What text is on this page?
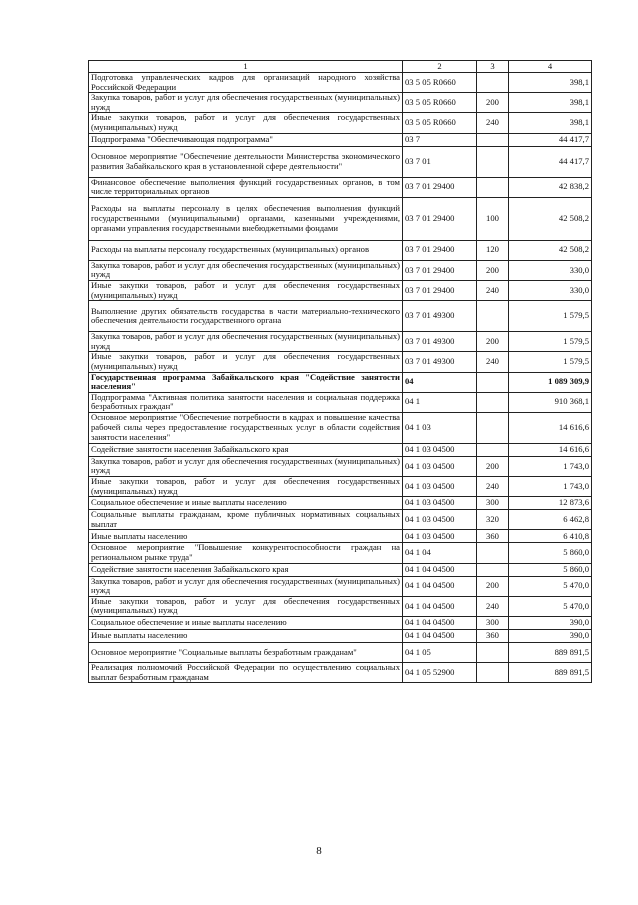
1	2	3	4
Подготовка управленческих кадров для организаций народного хозяйства Российской Федерации	03 5 05 R0660		398,1
Закупка товаров, работ и услуг для обеспечения государственных (муниципальных) нужд	03 5 05 R0660	200	398,1
Иные закупки товаров, работ и услуг для обеспечения государственных (муниципальных) нужд	03 5 05 R0660	240	398,1
Подпрограмма "Обеспечивающая подпрограмма"	03 7		44 417,7
Основное мероприятие "Обеспечение деятельности Министерства экономического развития Забайкальского края в установленной сфере деятельности"	03 7 01		44 417,7
Финансовое обеспечение выполнения функций государственных органов, в том числе территориальных органов	03 7 01 29400		42 838,2
Расходы на выплаты персоналу в целях обеспечения выполнения функций государственными (муниципальными) органами, казенными учреждениями, органами управления государственными внебюджетными фондами	03 7 01 29400	100	42 508,2
Расходы на выплаты персоналу государственных (муниципальных) органов	03 7 01 29400	120	42 508,2
Закупка товаров, работ и услуг для обеспечения государственных (муниципальных) нужд	03 7 01 29400	200	330,0
Иные закупки товаров, работ и услуг для обеспечения государственных (муниципальных) нужд	03 7 01 29400	240	330,0
Выполнение других обязательств государства в части материально-технического обеспечения деятельности государственного органа	03 7 01 49300		1 579,5
Закупка товаров, работ и услуг для обеспечения государственных (муниципальных) нужд	03 7 01 49300	200	1 579,5
Иные закупки товаров, работ и услуг для обеспечения государственных (муниципальных) нужд	03 7 01 49300	240	1 579,5
Государственная программа Забайкальского края "Содействие занятости населения"	04		1 089 309,9
Подпрограмма "Активная политика занятости населения и социальная поддержка безработных граждан"	04 1		910 368,1
Основное мероприятие "Обеспечение потребности в кадрах и повышение качества рабочей силы через предоставление государственных услуг в области содействия занятости населения"	04 1 03		14 616,6
Содействие занятости населения Забайкальского края	04 1 03 04500		14 616,6
Закупка товаров, работ и услуг для обеспечения государственных (муниципальных) нужд	04 1 03 04500	200	1 743,0
Иные закупки товаров, работ и услуг для обеспечения государственных (муниципальных) нужд	04 1 03 04500	240	1 743,0
Социальное обеспечение и иные выплаты населению	04 1 03 04500	300	12 873,6
Социальные выплаты гражданам, кроме публичных нормативных социальных выплат	04 1 03 04500	320	6 462,8
Иные выплаты населению	04 1 03 04500	360	6 410,8
Основное мероприятие "Повышение конкурентоспособности граждан на региональном рынке труда"	04 1 04		5 860,0
Содействие занятости населения Забайкальского края	04 1 04 04500		5 860,0
Закупка товаров, работ и услуг для обеспечения государственных (муниципальных) нужд	04 1 04 04500	200	5 470,0
Иные закупки товаров, работ и услуг для обеспечения государственных (муниципальных) нужд	04 1 04 04500	240	5 470,0
Социальное обеспечение и иные выплаты населению	04 1 04 04500	300	390,0
Иные выплаты населению	04 1 04 04500	360	390,0
Основное мероприятие "Социальные выплаты безработным гражданам"	04 1 05		889 891,5
Реализация полномочий Российской Федерации по осуществлению социальных выплат безработным гражданам	04 1 05 52900		889 891,5
8
